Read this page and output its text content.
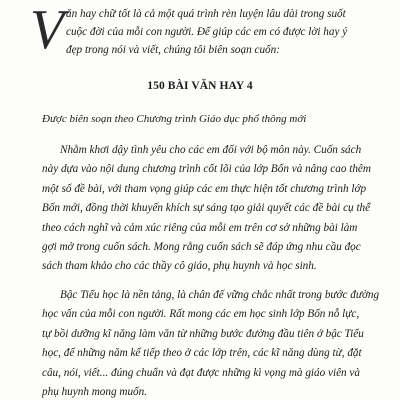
V ăn hay chữ tốt là cả một quá trình rèn luyện lâu dài trong suốt
cuộc đời của mỗi con người. Để giúp các em có được lời hay ý
đẹp trong nói và viết, chúng tôi biên soạn cuốn:
150 BÀI VĂN HAY 4
Được biên soạn theo Chương trình Giáo dục phổ thông mới
Nhằm khơi dậy tình yêu cho các em đối với bộ môn này. Cuốn sách
này dựa vào nội dung chương trình cốt lõi của lớp Bốn và nâng cao thêm
một số đề bài, với tham vọng giúp các em thực hiện tốt chương trình lớp
Bốn mới, đồng thời khuyến khích sự sáng tạo giải quyết các đề bài cụ thể
theo cách nghĩ và cảm xúc riêng của mỗi em trên cơ sở những bài làm
gợi mở trong cuốn sách. Mong rằng cuốn sách sẽ đáp ứng nhu cầu đọc
sách tham khảo cho các thầy cô giáo, phụ huynh và học sinh.
Bậc Tiểu học là nền tảng, là chân đế vững chắc nhất trong bước đường
học vấn của mỗi con người. Rất mong các em học sinh lớp Bốn nỗ lực,
tự bồi dưỡng kĩ năng làm văn từ những bước đường đầu tiên ở bậc Tiểu
học, để những năm kế tiếp theo ở các lớp trên, các kĩ năng dùng từ, đặt
câu, nói, viết... đúng chuẩn và đạt được những kì vọng mà giáo viên và
phụ huynh mong muốn.
